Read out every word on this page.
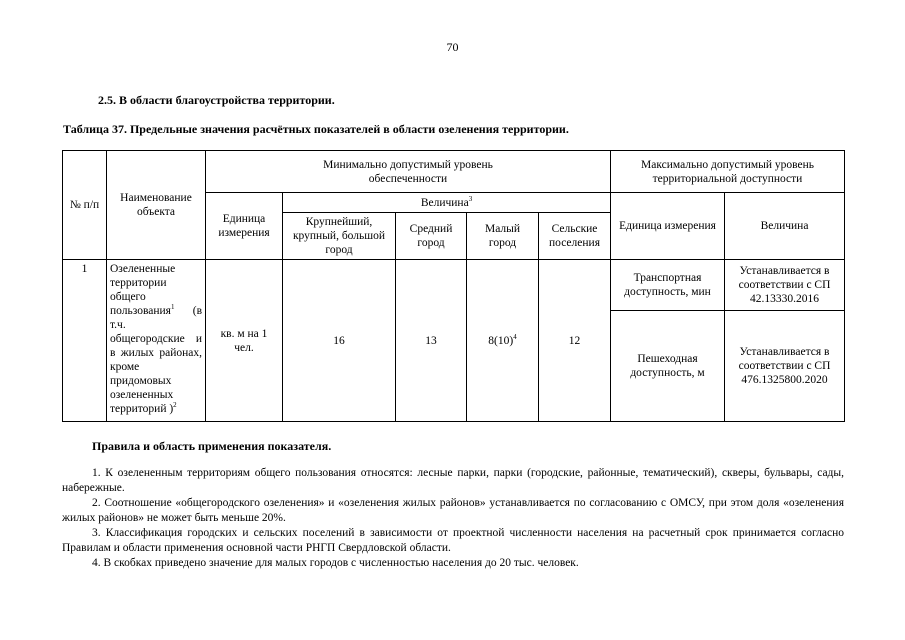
70
2.5. В области благоустройства территории.
Таблица 37. Предельные значения расчётных показателей в области озеленения территории.
№ п/п	Наименование объекта	Минимально допустимый уровень обеспеченности					Максимально допустимый уровень территориальной доступности	
		Единица измерения	Величина$^3$				Единица измерения	Величина
			Крупнейший, крупный, большой город	Средний город	Малый город	Сельские поселения		
1	Озелененные территории общего пользования$^1$ (в т.ч. общегородские и в жилых районах, кроме придомовых озелененных территорий )$^2$	кв. м на 1 чел.	16	13	$8(10)^4$	12	Транспортная доступность, мин	Устанавливается в соответствии с СП 42.13330.2016
							Пешеходная доступность, м	Устанавливается в соответствии с СП 476.1325800.2020
Правила и область применения показателя.

1. К озелененным территориям общего пользования относятся: лесные парки, парки (городские, районные, тематический), скверы, бульвары, сады, набережные.

2. Соотношение «общегородского озеленения» и «озеленения жилых районов» устанавливается по согласованию с ОМСУ, при этом доля «озеленения жилых районов» не может быть меньше 20%.

3. Классификация городских и сельских поселений в зависимости от проектной численности населения на расчетный срок принимается согласно Правилам и области применения основной части РНГП Свердловской области.

4. В скобках приведено значение для малых городов с численностью населения до 20 тыс. человек.
